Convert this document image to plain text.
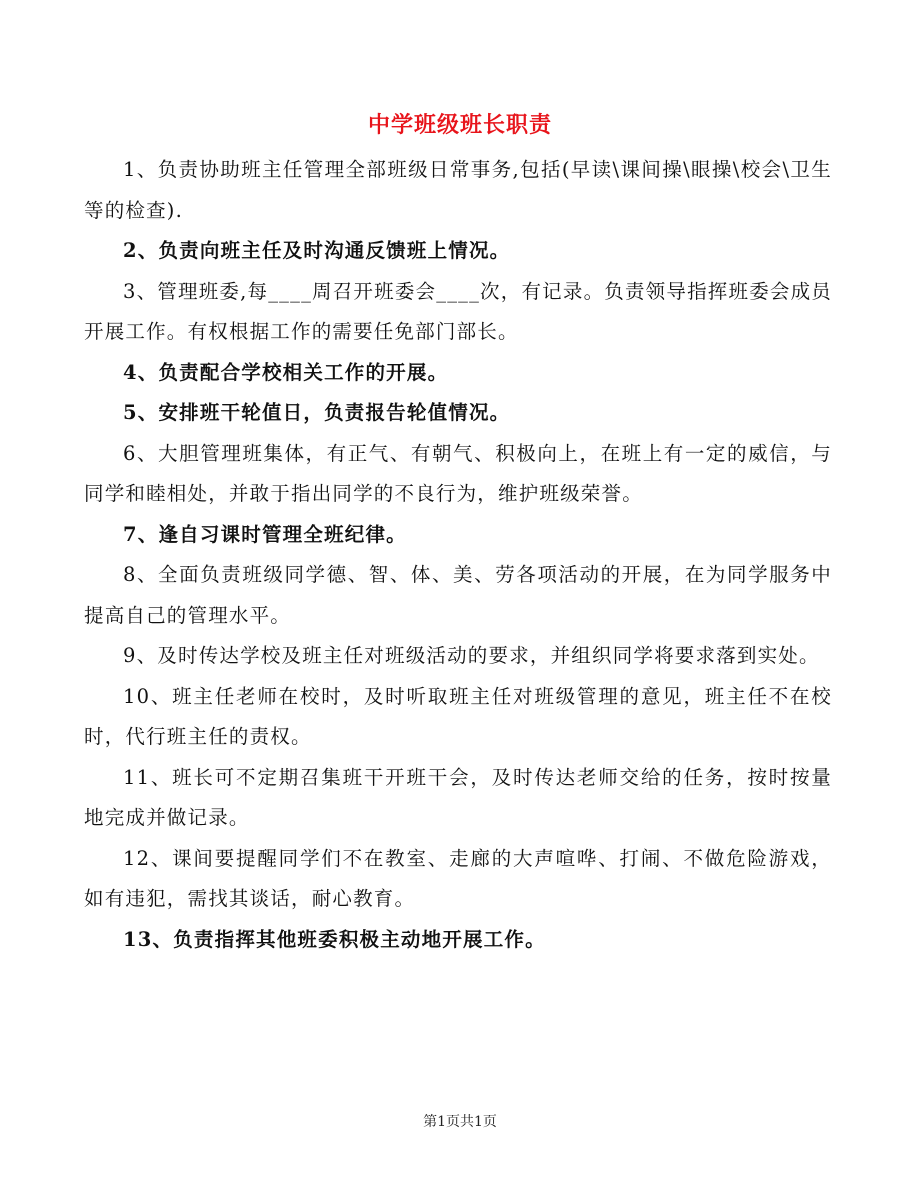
中学班级班长职责

1、负责协助班主任管理全部班级日常事务,包括(早读\课间操\眼操\校会\卫生等的检查).

2、负责向班主任及时沟通反馈班上情况。

3、管理班委,每____周召开班委会____次，有记录。负责领导指挥班委会成员开展工作。有权根据工作的需要任免部门部长。

4、负责配合学校相关工作的开展。

5、安排班干轮值日，负责报告轮值情况。

6、大胆管理班集体，有正气、有朝气、积极向上，在班上有一定的威信，与同学和睦相处，并敢于指出同学的不良行为，维护班级荣誉。

7、逢自习课时管理全班纪律。

8、全面负责班级同学德、智、体、美、劳各项活动的开展，在为同学服务中提高自己的管理水平。

9、及时传达学校及班主任对班级活动的要求，并组织同学将要求落到实处。

10、班主任老师在校时，及时听取班主任对班级管理的意见，班主任不在校时，代行班主任的责权。

11、班长可不定期召集班干开班干会，及时传达老师交给的任务，按时按量地完成并做记录。

12、课间要提醒同学们不在教室、走廊的大声喧哗、打闹、不做危险游戏，如有违犯，需找其谈话，耐心教育。

13、负责指挥其他班委积极主动地开展工作。

第1页共1页
